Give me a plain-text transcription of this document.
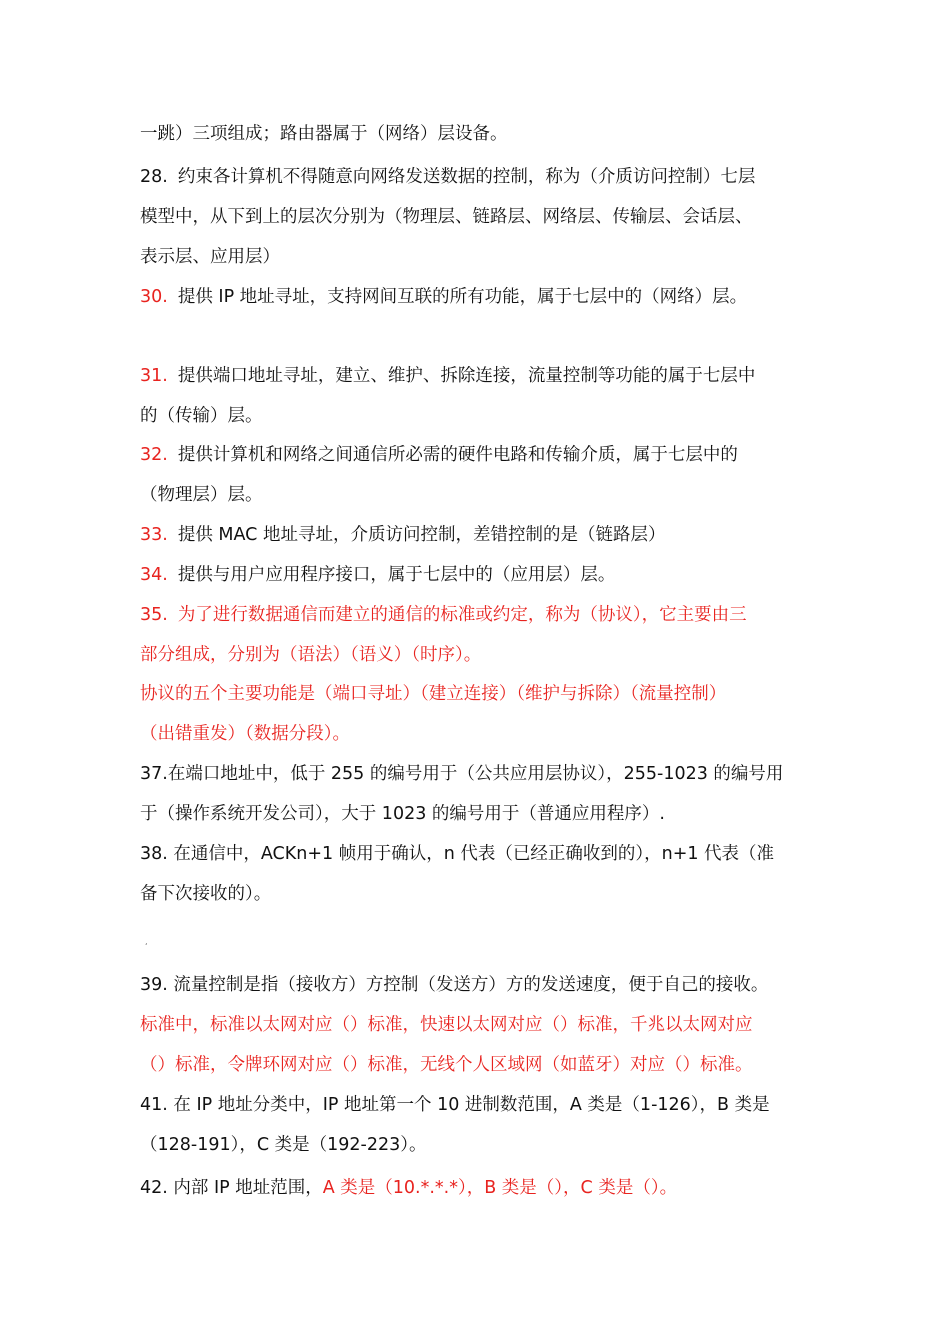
一跳）三项组成；路由器属于（网络）层设备。
28. 约束各计算机不得随意向网络发送数据的控制，称为（介质访问控制）七层
模型中，从下到上的层次分别为（物理层、链路层、网络层、传输层、会话层、
表示层、应用层）
30. 提供 IP 地址寻址，支持网间互联的所有功能，属于七层中的（网络）层。
31. 提供端口地址寻址，建立、维护、拆除连接，流量控制等功能的属于七层中
的（传输）层。
32. 提供计算机和网络之间通信所必需的硬件电路和传输介质，属于七层中的
（物理层）层。
33. 提供 MAC 地址寻址，介质访问控制，差错控制的是（链路层）
34. 提供与用户应用程序接口，属于七层中的（应用层）层。
35. 为了进行数据通信而建立的通信的标准或约定，称为（协议），它主要由三
部分组成，分别为（语法）（语义）（时序）。
协议的五个主要功能是（端口寻址）（建立连接）（维护与拆除）（流量控制）
（出错重发）（数据分段）。
37.在端口地址中，低于 255 的编号用于（公共应用层协议），255-1023 的编号用
于（操作系统开发公司），大于 1023 的编号用于（普通应用程序）.
38. 在通信中，ACKn+1 帧用于确认，n 代表（已经正确收到的），n+1 代表（准
备下次接收的）。
‘
39. 流量控制是指（接收方）方控制（发送方）方的发送速度，便于自己的接收。
标准中，标准以太网对应（）标准，快速以太网对应（）标准，千兆以太网对应
（）标准，令牌环网对应（）标准，无线个人区域网（如蓝牙）对应（）标准。
41. 在 IP 地址分类中，IP 地址第一个 10 进制数范围，A 类是（1-126），B 类是
（128-191），C 类是（192-223）。
42. 内部 IP 地址范围，A 类是（10.*.*.*），B 类是（），C 类是（）。
